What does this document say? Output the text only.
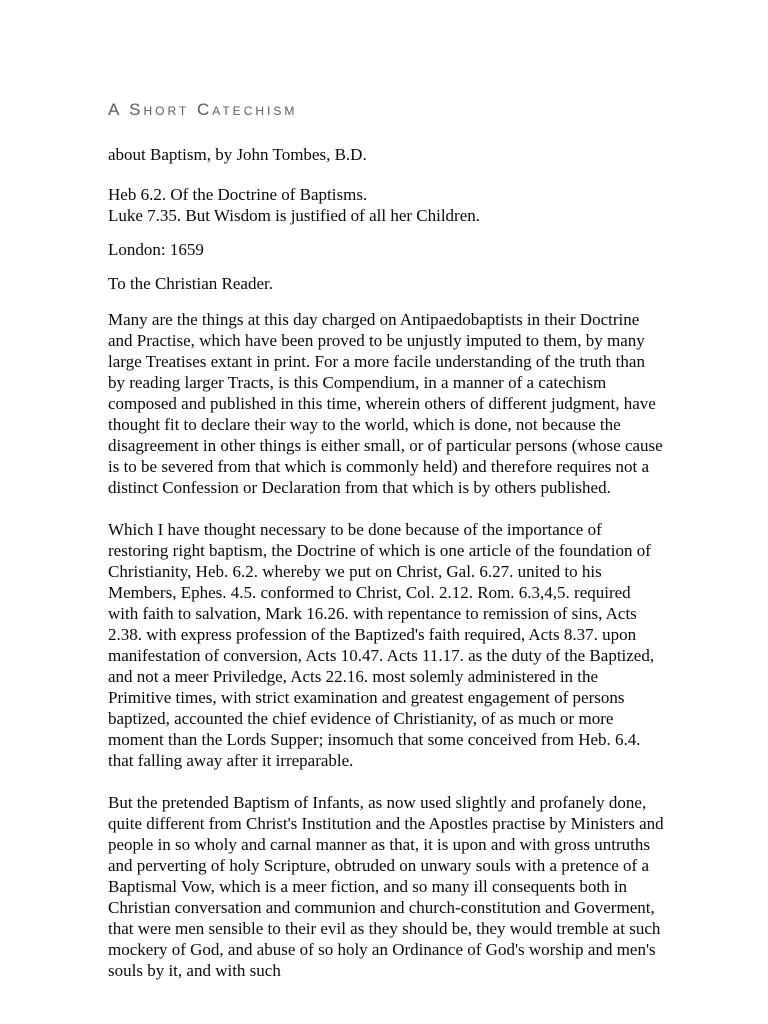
A Short Catechism

about Baptism, by John Tombes, B.D.

Heb 6.2. Of the Doctrine of Baptisms.
Luke 7.35. But Wisdom is justified of all her Children.

London: 1659

To the Christian Reader.

Many are the things at this day charged on Antipaedobaptists in their Doctrine and Practise, which have been proved to be unjustly imputed to them, by many large Treatises extant in print. For a more facile understanding of the truth than by reading larger Tracts, is this Compendium, in a manner of a catechism composed and published in this time, wherein others of different judgment, have thought fit to declare their way to the world, which is done, not because the disagreement in other things is either small, or of particular persons (whose cause is to be severed from that which is commonly held) and therefore requires not a distinct Confession or Declaration from that which is by others published.

Which I have thought necessary to be done because of the importance of restoring right baptism, the Doctrine of which is one article of the foundation of Christianity, Heb. 6.2. whereby we put on Christ, Gal. 6.27. united to his Members, Ephes. 4.5. conformed to Christ, Col. 2.12. Rom. 6.3,4,5. required with faith to salvation, Mark 16.26. with repentance to remission of sins, Acts 2.38. with express profession of the Baptized's faith required, Acts 8.37. upon manifestation of conversion, Acts 10.47. Acts 11.17. as the duty of the Baptized, and not a meer Priviledge, Acts 22.16. most solemly administered in the Primitive times, with strict examination and greatest engagement of persons baptized, accounted the chief evidence of Christianity, of as much or more moment than the Lords Supper; insomuch that some conceived from Heb. 6.4. that falling away after it irreparable.

But the pretended Baptism of Infants, as now used slightly and profanely done, quite different from Christ's Institution and the Apostles practise by Ministers and people in so wholy and carnal manner as that, it is upon and with gross untruths and perverting of holy Scripture, obtruded on unwary souls with a pretence of a Baptismal Vow, which is a meer fiction, and so many ill consequents both in Christian conversation and communion and church-constitution and Goverment, that were men sensible to their evil as they should be, they would tremble at such mockery of God, and abuse of so holy an Ordinance of God's worship and men's souls by it, and with such
